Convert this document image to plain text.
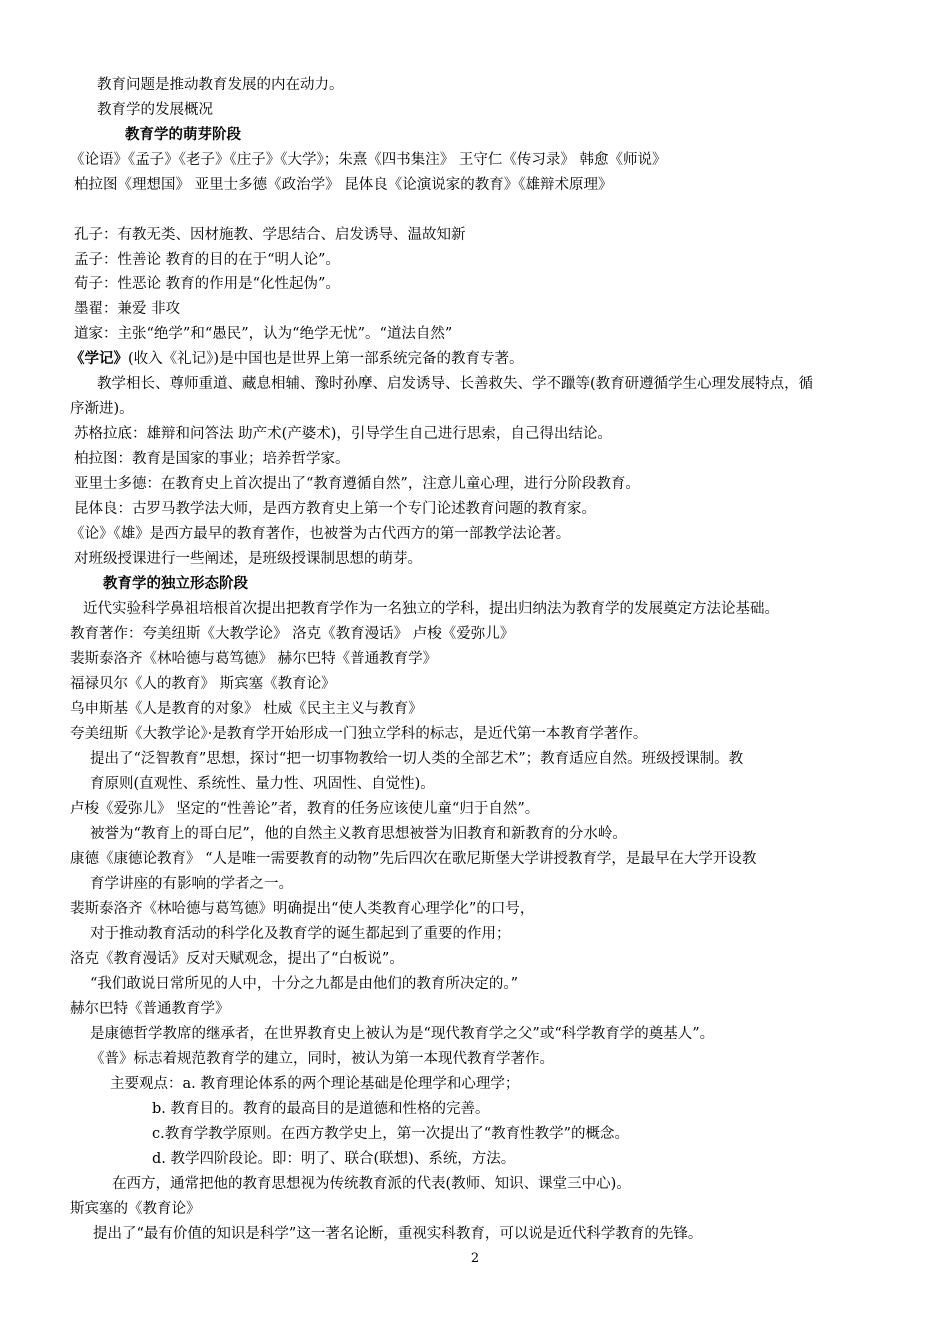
教育问题是推动教育发展的内在动力。
教育学的发展概况
教育学的萌芽阶段
《论语》《孟子》《老子》《庄子》《大学》；朱熹《四书集注》 王守仁《传习录》 韩愈《师说》
柏拉图《理想国》 亚里士多德《政治学》 昆体良《论演说家的教育》《雄辩术原理》
孔子：有教无类、因材施教、学思结合、启发诱导、温故知新
孟子：性善论 教育的目的在于“明人论”。
荀子：性恶论 教育的作用是“化性起伪”。
墨翟：兼爱 非攻
道家：主张“绝学”和“愚民”，认为“绝学无忧”。“道法自然”
《学记》(收入《礼记》)是中国也是世界上第一部系统完备的教育专著。
教学相长、尊师重道、藏息相辅、豫时孙摩、启发诱导、长善救失、学不躐等(教育研遵循学生心理发展特点，循
序渐进)。
苏格拉底：雄辩和问答法 助产术(产婆术)，引导学生自己进行思索，自己得出结论。
柏拉图：教育是国家的事业；培养哲学家。
亚里士多德：在教育史上首次提出了“教育遵循自然”，注意儿童心理，进行分阶段教育。
昆体良：古罗马教学法大师，是西方教育史上第一个专门论述教育问题的教育家。
《论》《雄》是西方最早的教育著作，也被誉为古代西方的第一部教学法论著。
对班级授课进行一些阐述，是班级授课制思想的萌芽。
教育学的独立形态阶段
近代实验科学鼻祖培根首次提出把教育学作为一名独立的学科，提出归纳法为教育学的发展奠定方法论基础。
教育著作：夸美纽斯《大教学论》 洛克《教育漫话》 卢梭《爱弥儿》
裴斯泰洛齐《林哈德与葛笃德》 赫尔巴特《普通教育学》
福禄贝尔《人的教育》 斯宾塞《教育论》
乌申斯基《人是教育的对象》 杜威《民主主义与教育》
夸美纽斯《大教学论》·是教育学开始形成一门独立学科的标志，是近代第一本教育学著作。
提出了“泛智教育”思想，探讨“把一切事物教给一切人类的全部艺术”；教育适应自然。班级授课制。教
育原则(直观性、系统性、量力性、巩固性、自觉性)。
卢梭《爱弥儿》 坚定的“性善论”者，教育的任务应该使儿童“归于自然”。
被誉为“教育上的哥白尼”，他的自然主义教育思想被誉为旧教育和新教育的分水岭。
康德《康德论教育》 “人是唯一需要教育的动物”先后四次在歌尼斯堡大学讲授教育学，是最早在大学开设教
育学讲座的有影响的学者之一。
裴斯泰洛齐《林哈德与葛笃德》明确提出“使人类教育心理学化”的口号，
对于推动教育活动的科学化及教育学的诞生都起到了重要的作用；
洛克《教育漫话》反对天赋观念，提出了“白板说”。
“我们敢说日常所见的人中，十分之九都是由他们的教育所决定的。”
赫尔巴特《普通教育学》
是康德哲学教席的继承者，在世界教育史上被认为是“现代教育学之父”或“科学教育学的奠基人”。
《普》标志着规范教育学的建立，同时，被认为第一本现代教育学著作。
主要观点：a. 教育理论体系的两个理论基础是伦理学和心理学；
b. 教育目的。教育的最高目的是道德和性格的完善。
c.教育学教学原则。在西方教学史上，第一次提出了“教育性教学”的概念。
d. 教学四阶段论。即：明了、联合(联想)、系统，方法。
在西方，通常把他的教育思想视为传统教育派的代表(教师、知识、课堂三中心)。
斯宾塞的《教育论》
提出了“最有价值的知识是科学”这一著名论断，重视实科教育，可以说是近代科学教育的先锋。
2
